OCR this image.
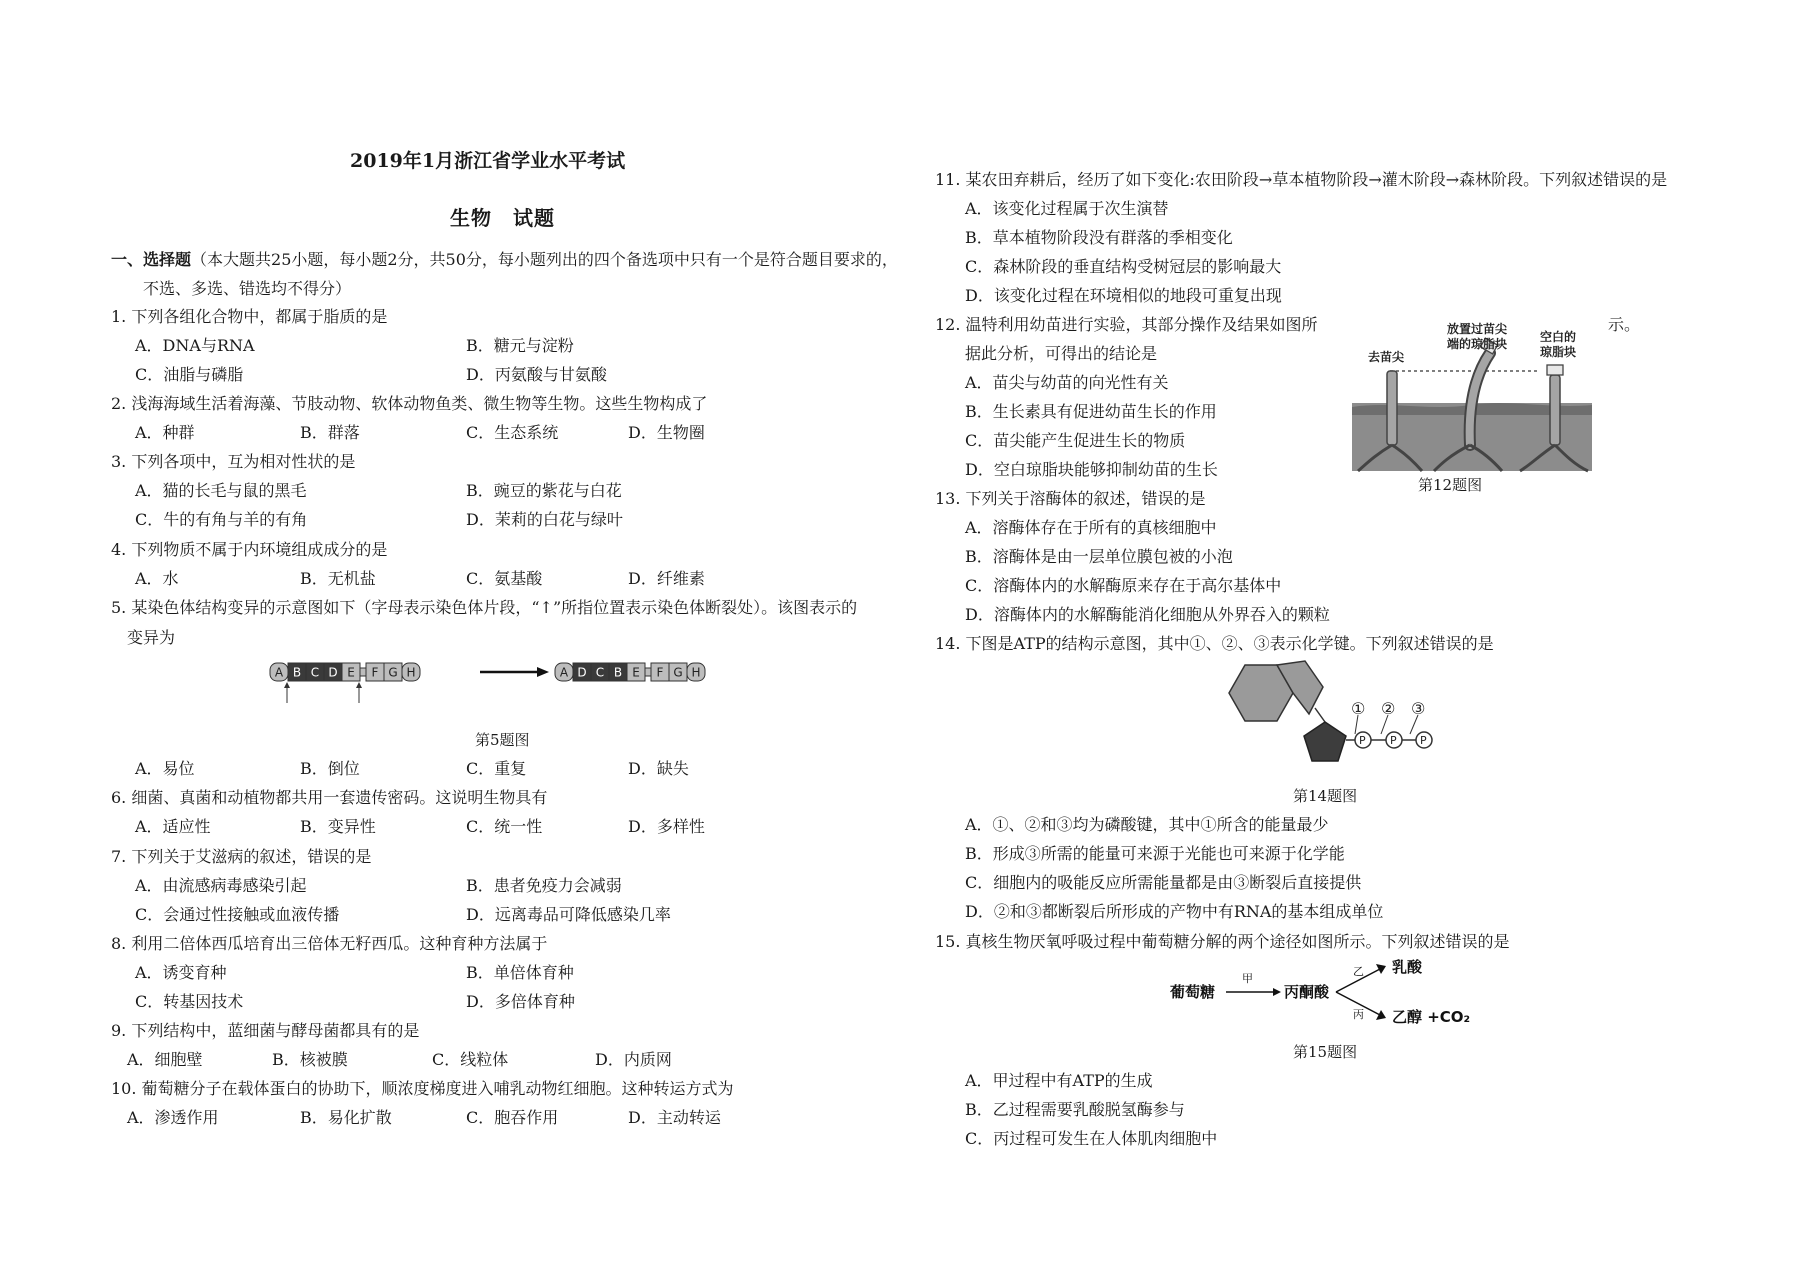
2019年1月浙江省学业水平考试
生物　试题
一、选择题（本大题共25小题，每小题2分，共50分，每小题列出的四个备选项中只有一个是符合题目要求的，
不选、多选、错选均不得分）
1. 下列各组化合物中，都属于脂质的是
A．DNA与RNA	B．糖元与淀粉
C．油脂与磷脂	D．丙氨酸与甘氨酸
2. 浅海海域生活着海藻、节肢动物、软体动物鱼类、微生物等生物。这些生物构成了
A．种群	B．群落	C．生态系统	D．生物圈
3. 下列各项中，互为相对性状的是
A．猫的长毛与鼠的黑毛	B．豌豆的紫花与白花
C．牛的有角与羊的有角	D．茉莉的白花与绿叶
4. 下列物质不属于内环境组成成分的是
A．水	B．无机盐	C．氨基酸	D．纤维素
5. 某染色体结构变异的示意图如下（字母表示染色体片段，“↑”所指位置表示染色体断裂处）。该图表示的
变异为
A B C D E F G H	A D C B E F G H
第5题图
A．易位	B．倒位	C．重复	D．缺失
6. 细菌、真菌和动植物都共用一套遗传密码。这说明生物具有
A．适应性	B．变异性	C．统一性	D．多样性
7. 下列关于艾滋病的叙述，错误的是
A．由流感病毒感染引起	B．患者免疫力会减弱
C．会通过性接触或血液传播	D．远离毒品可降低感染几率
8. 利用二倍体西瓜培育出三倍体无籽西瓜。这种育种方法属于
A．诱变育种	B．单倍体育种
C．转基因技术	D．多倍体育种
9. 下列结构中，蓝细菌与酵母菌都具有的是
A．细胞壁	B．核被膜	C．线粒体	D．内质网
10. 葡萄糖分子在载体蛋白的协助下，顺浓度梯度进入哺乳动物红细胞。这种转运方式为
A．渗透作用	B．易化扩散	C．胞吞作用	D．主动转运
11. 某农田弃耕后，经历了如下变化:农田阶段→草本植物阶段→灌木阶段→森林阶段。下列叙述错误的是
A．该变化过程属于次生演替
B．草本植物阶段没有群落的季相变化
C．森林阶段的垂直结构受树冠层的影响最大
D．该变化过程在环境相似的地段可重复出现
12. 温特利用幼苗进行实验，其部分操作及结果如图所	示。
据此分析，可得出的结论是
A．苗尖与幼苗的向光性有关
B．生长素具有促进幼苗生长的作用
C．苗尖能产生促进生长的物质
D．空白琼脂块能够抑制幼苗的生长
去苗尖
放置过苗尖
端的琼脂块	空白的
琼脂块
第12题图
13. 下列关于溶酶体的叙述，错误的是
A．溶酶体存在于所有的真核细胞中
B．溶酶体是由一层单位膜包被的小泡
C．溶酶体内的水解酶原来存在于高尔基体中
D．溶酶体内的水解酶能消化细胞从外界吞入的颗粒
14. 下图是ATP的结构示意图，其中①、②、③表示化学键。下列叙述错误的是
P P P
① ② ③
第14题图
A．①、②和③均为磷酸键，其中①所含的能量最少
B．形成③所需的能量可来源于光能也可来源于化学能
C．细胞内的吸能反应所需能量都是由③断裂后直接提供
D．②和③都断裂后所形成的产物中有RNA的基本组成单位
15. 真核生物厌氧呼吸过程中葡萄糖分解的两个途径如图所示。下列叙述错误的是
葡萄糖
甲
丙酮酸
乙
丙
乳酸
乙醇 +CO₂
第15题图
A．甲过程中有ATP的生成
B．乙过程需要乳酸脱氢酶参与
C．丙过程可发生在人体肌肉细胞中
